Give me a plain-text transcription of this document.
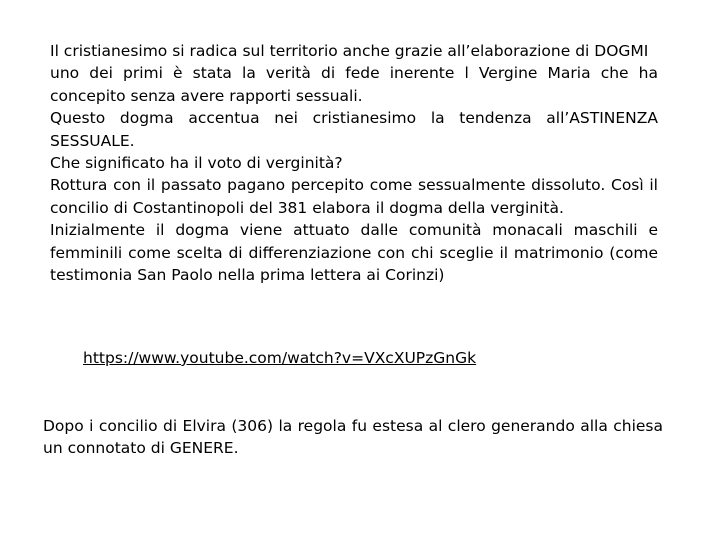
Il cristianesimo si radica sul territorio anche grazie all’elaborazione di DOGMI

uno dei primi è stata la verità di fede inerente l Vergine Maria che ha concepito senza avere rapporti sessuali.

Questo dogma accentua nei cristianesimo la tendenza all’ASTINENZA SESSUALE.

Che significato ha il voto di verginità?

Rottura con il passato pagano percepito come sessualmente dissoluto. Così il concilio di Costantinopoli del 381 elabora il dogma della verginità.

Inizialmente il dogma viene attuato dalle comunità monacali maschili e femminili come scelta di differenziazione con chi sceglie il matrimonio (come testimonia San Paolo nella prima lettera ai Corinzi)

https://www.youtube.com/watch?v=VXcXUPzGnGk

Dopo i concilio di Elvira (306) la regola fu estesa al clero generando alla chiesa un connotato di GENERE.
